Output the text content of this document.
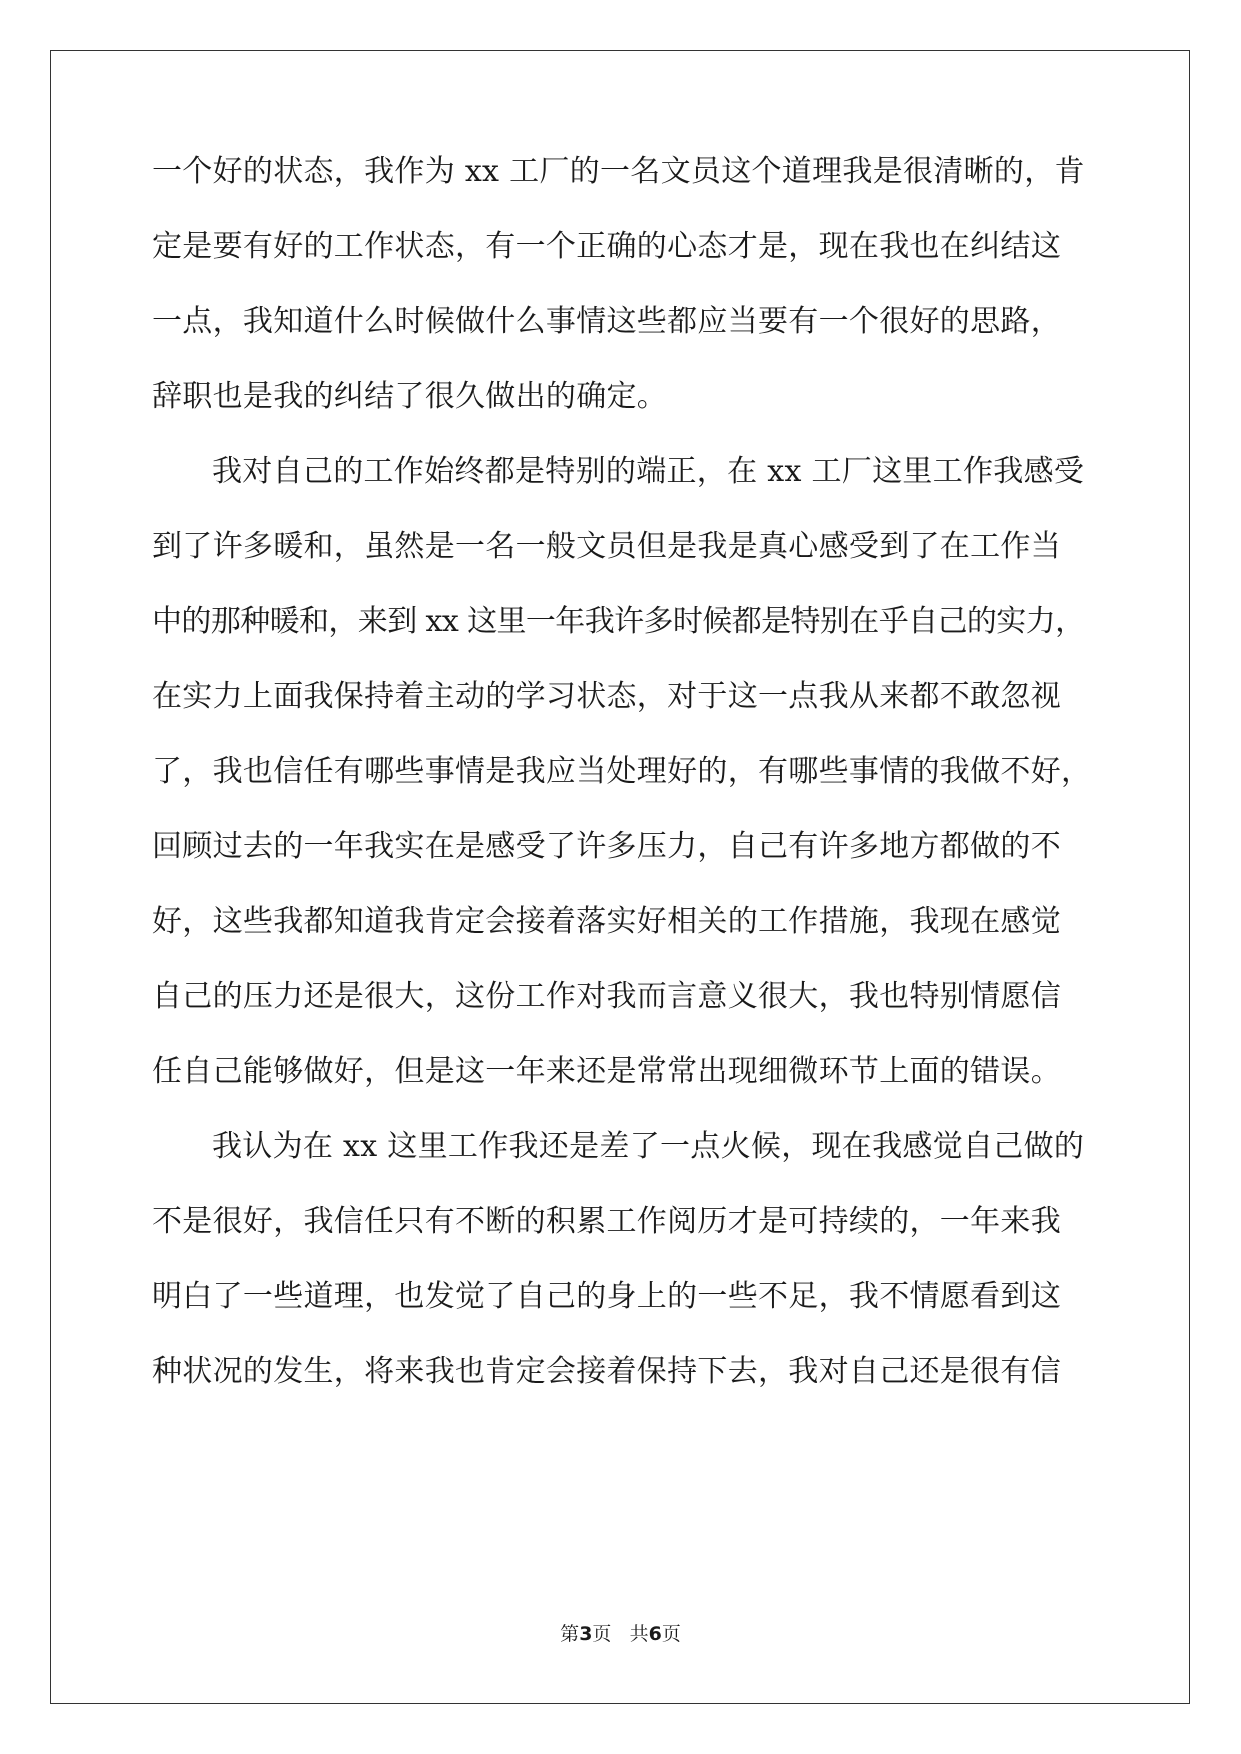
一个好的状态，我作为 xx 工厂的一名文员这个道理我是很清晰的，肯
定是要有好的工作状态，有一个正确的心态才是，现在我也在纠结这
一点，我知道什么时候做什么事情这些都应当要有一个很好的思路，
辞职也是我的纠结了很久做出的确定。
我对自己的工作始终都是特别的端正，在 xx 工厂这里工作我感受
到了许多暖和，虽然是一名一般文员但是我是真心感受到了在工作当
中的那种暖和，来到 xx 这里一年我许多时候都是特别在乎自己的实力，
在实力上面我保持着主动的学习状态，对于这一点我从来都不敢忽视
了，我也信任有哪些事情是我应当处理好的，有哪些事情的我做不好，
回顾过去的一年我实在是感受了许多压力，自己有许多地方都做的不
好，这些我都知道我肯定会接着落实好相关的工作措施，我现在感觉
自己的压力还是很大，这份工作对我而言意义很大，我也特别情愿信
任自己能够做好，但是这一年来还是常常出现细微环节上面的错误。
我认为在 xx 这里工作我还是差了一点火候，现在我感觉自己做的
不是很好，我信任只有不断的积累工作阅历才是可持续的，一年来我
明白了一些道理，也发觉了自己的身上的一些不足，我不情愿看到这
种状况的发生，将来我也肯定会接着保持下去，我对自己还是很有信
第3页 共6页
